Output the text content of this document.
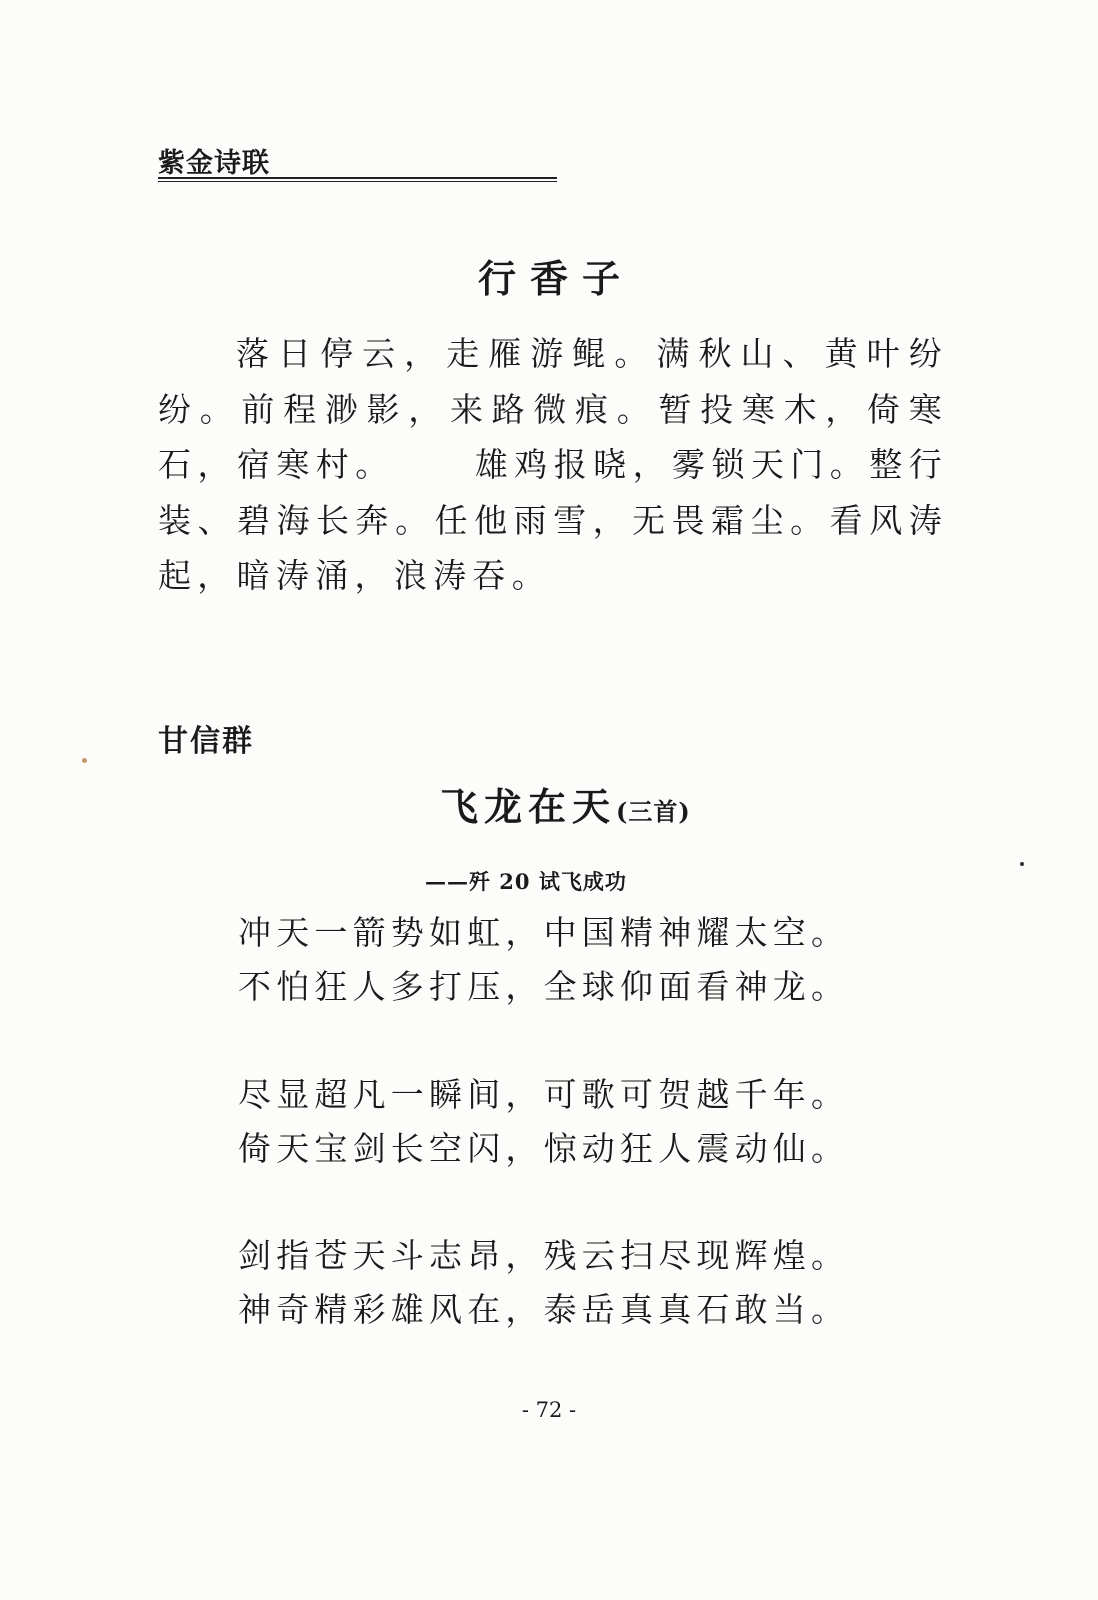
紫金诗联
行香子
落日停云，走雁游鲲。满秋山、黄叶纷纷。前程渺影，来路微痕。暂投寒木，倚寒石，宿寒村。 雄鸡报晓，雾锁天门。整行装、碧海长奔。任他雨雪，无畏霜尘。看风涛起，暗涛涌，浪涛吞。
甘信群
飞龙在天(三首)
——歼 20 试飞成功
冲天一箭势如虹，中国精神耀太空。
不怕狂人多打压，全球仰面看神龙。
尽显超凡一瞬间，可歌可贺越千年。
倚天宝剑长空闪，惊动狂人震动仙。
剑指苍天斗志昂，残云扫尽现辉煌。
神奇精彩雄风在，泰岳真真石敢当。
- 72 -
